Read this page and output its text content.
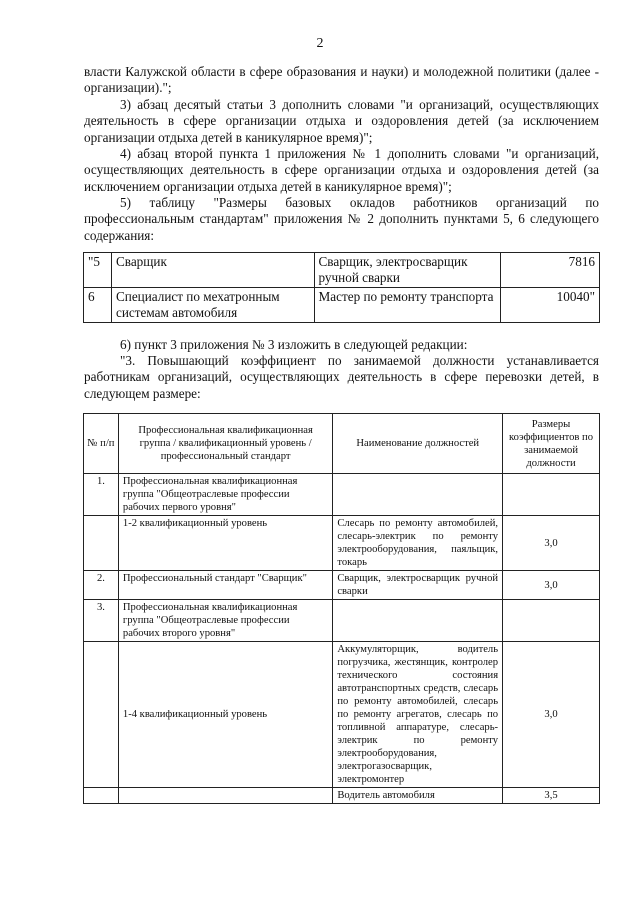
2

власти Калужской области в сфере образования и науки) и молодежной политики (далее - организации).";

3) абзац десятый статьи 3 дополнить словами "и организаций, осуществляющих деятельность в сфере организации отдыха и оздоровления детей (за исключением организации отдыха детей в каникулярное время)";

4) абзац второй пункта 1 приложения № 1 дополнить словами "и организаций, осуществляющих деятельность в сфере организации отдыха и оздоровления детей (за исключением организации отдыха детей в каникулярное время)";

5) таблицу "Размеры базовых окладов работников организаций по профессиональным стандартам" приложения № 2 дополнить пунктами 5, 6 следующего содержания:

"5	Сварщик	Сварщик, электросварщик ручной сварки	7816
6	Специалист по мехатронным системам автомобиля	Мастер по ремонту транспорта	10040"

6) пункт 3 приложения № 3 изложить в следующей редакции:

"3. Повышающий коэффициент по занимаемой должности устанавливается работникам организаций, осуществляющих деятельность в сфере перевозки детей, в следующем размере:

№ п/п	Профессиональная квалификационная группа / квалификационный уровень / профессиональный стандарт	Наименование должностей	Размеры коэффициентов по занимаемой должности
1.	Профессиональная квалификационная группа "Общеотраслевые профессии рабочих первого уровня"		
	1-2 квалификационный уровень	Слесарь по ремонту автомобилей, слесарь-электрик по ремонту электрооборудования, паяльщик, токарь	3,0
2.	Профессиональный стандарт "Сварщик"	Сварщик, электросварщик ручной сварки	3,0
3.	Профессиональная квалификационная группа "Общеотраслевые профессии рабочих второго уровня"		
	1-4 квалификационный уровень	Аккумуляторщик, водитель погрузчика, жестянщик, контролер технического состояния автотранспортных средств, слесарь по ремонту автомобилей, слесарь по ремонту агрегатов, слесарь по топливной аппаратуре, слесарь-электрик по ремонту электрооборудования, электрогазосварщик, электромонтер	3,0
		Водитель автомобиля	3,5
